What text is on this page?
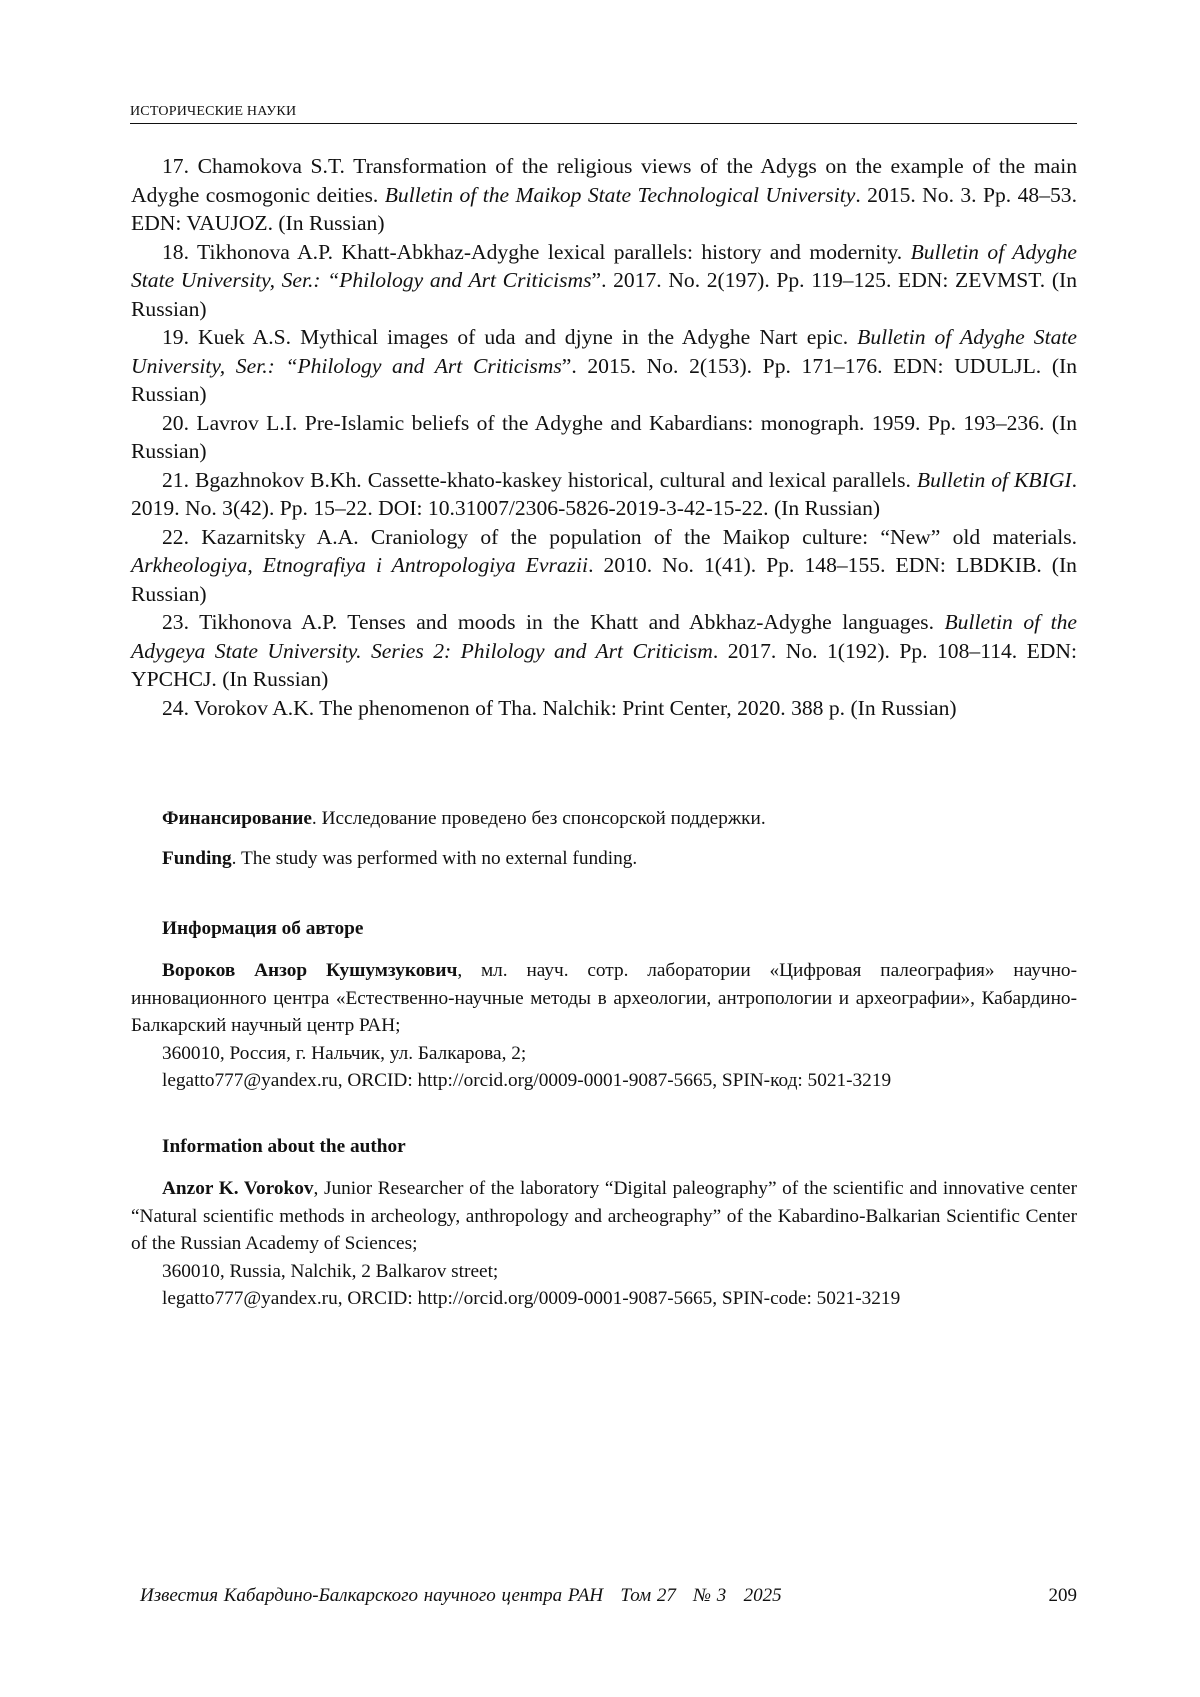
ИСТОРИЧЕСКИЕ НАУКИ

17. Chamokova S.T. Transformation of the religious views of the Adygs on the example of the main Adyghe cosmogonic deities. Bulletin of the Maikop State Technological University. 2015. No. 3. Pp. 48–53. EDN: VAUJOZ. (In Russian)

18. Tikhonova A.P. Khatt-Abkhaz-Adyghe lexical parallels: history and modernity. Bulletin of Adyghe State University, Ser.: “Philology and Art Criticisms”. 2017. No. 2(197). Pp. 119–125. EDN: ZEVMST. (In Russian)

19. Kuek A.S. Mythical images of uda and djyne in the Adyghe Nart epic. Bulletin of Adyghe State University, Ser.: “Philology and Art Criticisms”. 2015. No. 2(153). Pp. 171–176. EDN: UDULJL. (In Russian)

20. Lavrov L.I. Pre-Islamic beliefs of the Adyghe and Kabardians: monograph. 1959. Pp. 193–236. (In Russian)

21. Bgazhnokov B.Kh. Cassette-khato-kaskey historical, cultural and lexical parallels. Bulletin of KBIGI. 2019. No. 3(42). Pp. 15–22. DOI: 10.31007/2306-5826-2019-3-42-15-22. (In Russian)

22. Kazarnitsky A.A. Craniology of the population of the Maikop culture: “New” old materials. Arkheologiya, Etnografiya i Antropologiya Evrazii. 2010. No. 1(41). Pp. 148–155. EDN: LBDKIB. (In Russian)

23. Tikhonova A.P. Tenses and moods in the Khatt and Abkhaz-Adyghe languages. Bulletin of the Adygeya State University. Series 2: Philology and Art Criticism. 2017. No. 1(192). Pp. 108–114. EDN: YPCHCJ. (In Russian)

24. Vorokov A.K. The phenomenon of Tha. Nalchik: Print Center, 2020. 388 p. (In Russian)

Финансирование. Исследование проведено без спонсорской поддержки.

Funding. The study was performed with no external funding.

Информация об авторе

Вороков Анзор Кушумзукович, мл. науч. сотр. лаборатории «Цифровая палеография» научно-инновационного центра «Естественно-научные методы в археологии, антропологии и археографии», Кабардино-Балкарский научный центр РАН;

360010, Россия, г. Нальчик, ул. Балкарова, 2;

legatto777@yandex.ru, ORCID: http://orcid.org/0009-0001-9087-5665, SPIN-код: 5021-3219

Information about the author

Anzor K. Vorokov, Junior Researcher of the laboratory “Digital paleography” of the scientific and innovative center “Natural scientific methods in archeology, anthropology and archeography” of the Kabardino-Balkarian Scientific Center of the Russian Academy of Sciences;

360010, Russia, Nalchik, 2 Balkarov street;

legatto777@yandex.ru, ORCID: http://orcid.org/0009-0001-9087-5665, SPIN-code: 5021-3219

Известия Кабардино-Балкарского научного центра РАН Том 27 № 3 2025	209
